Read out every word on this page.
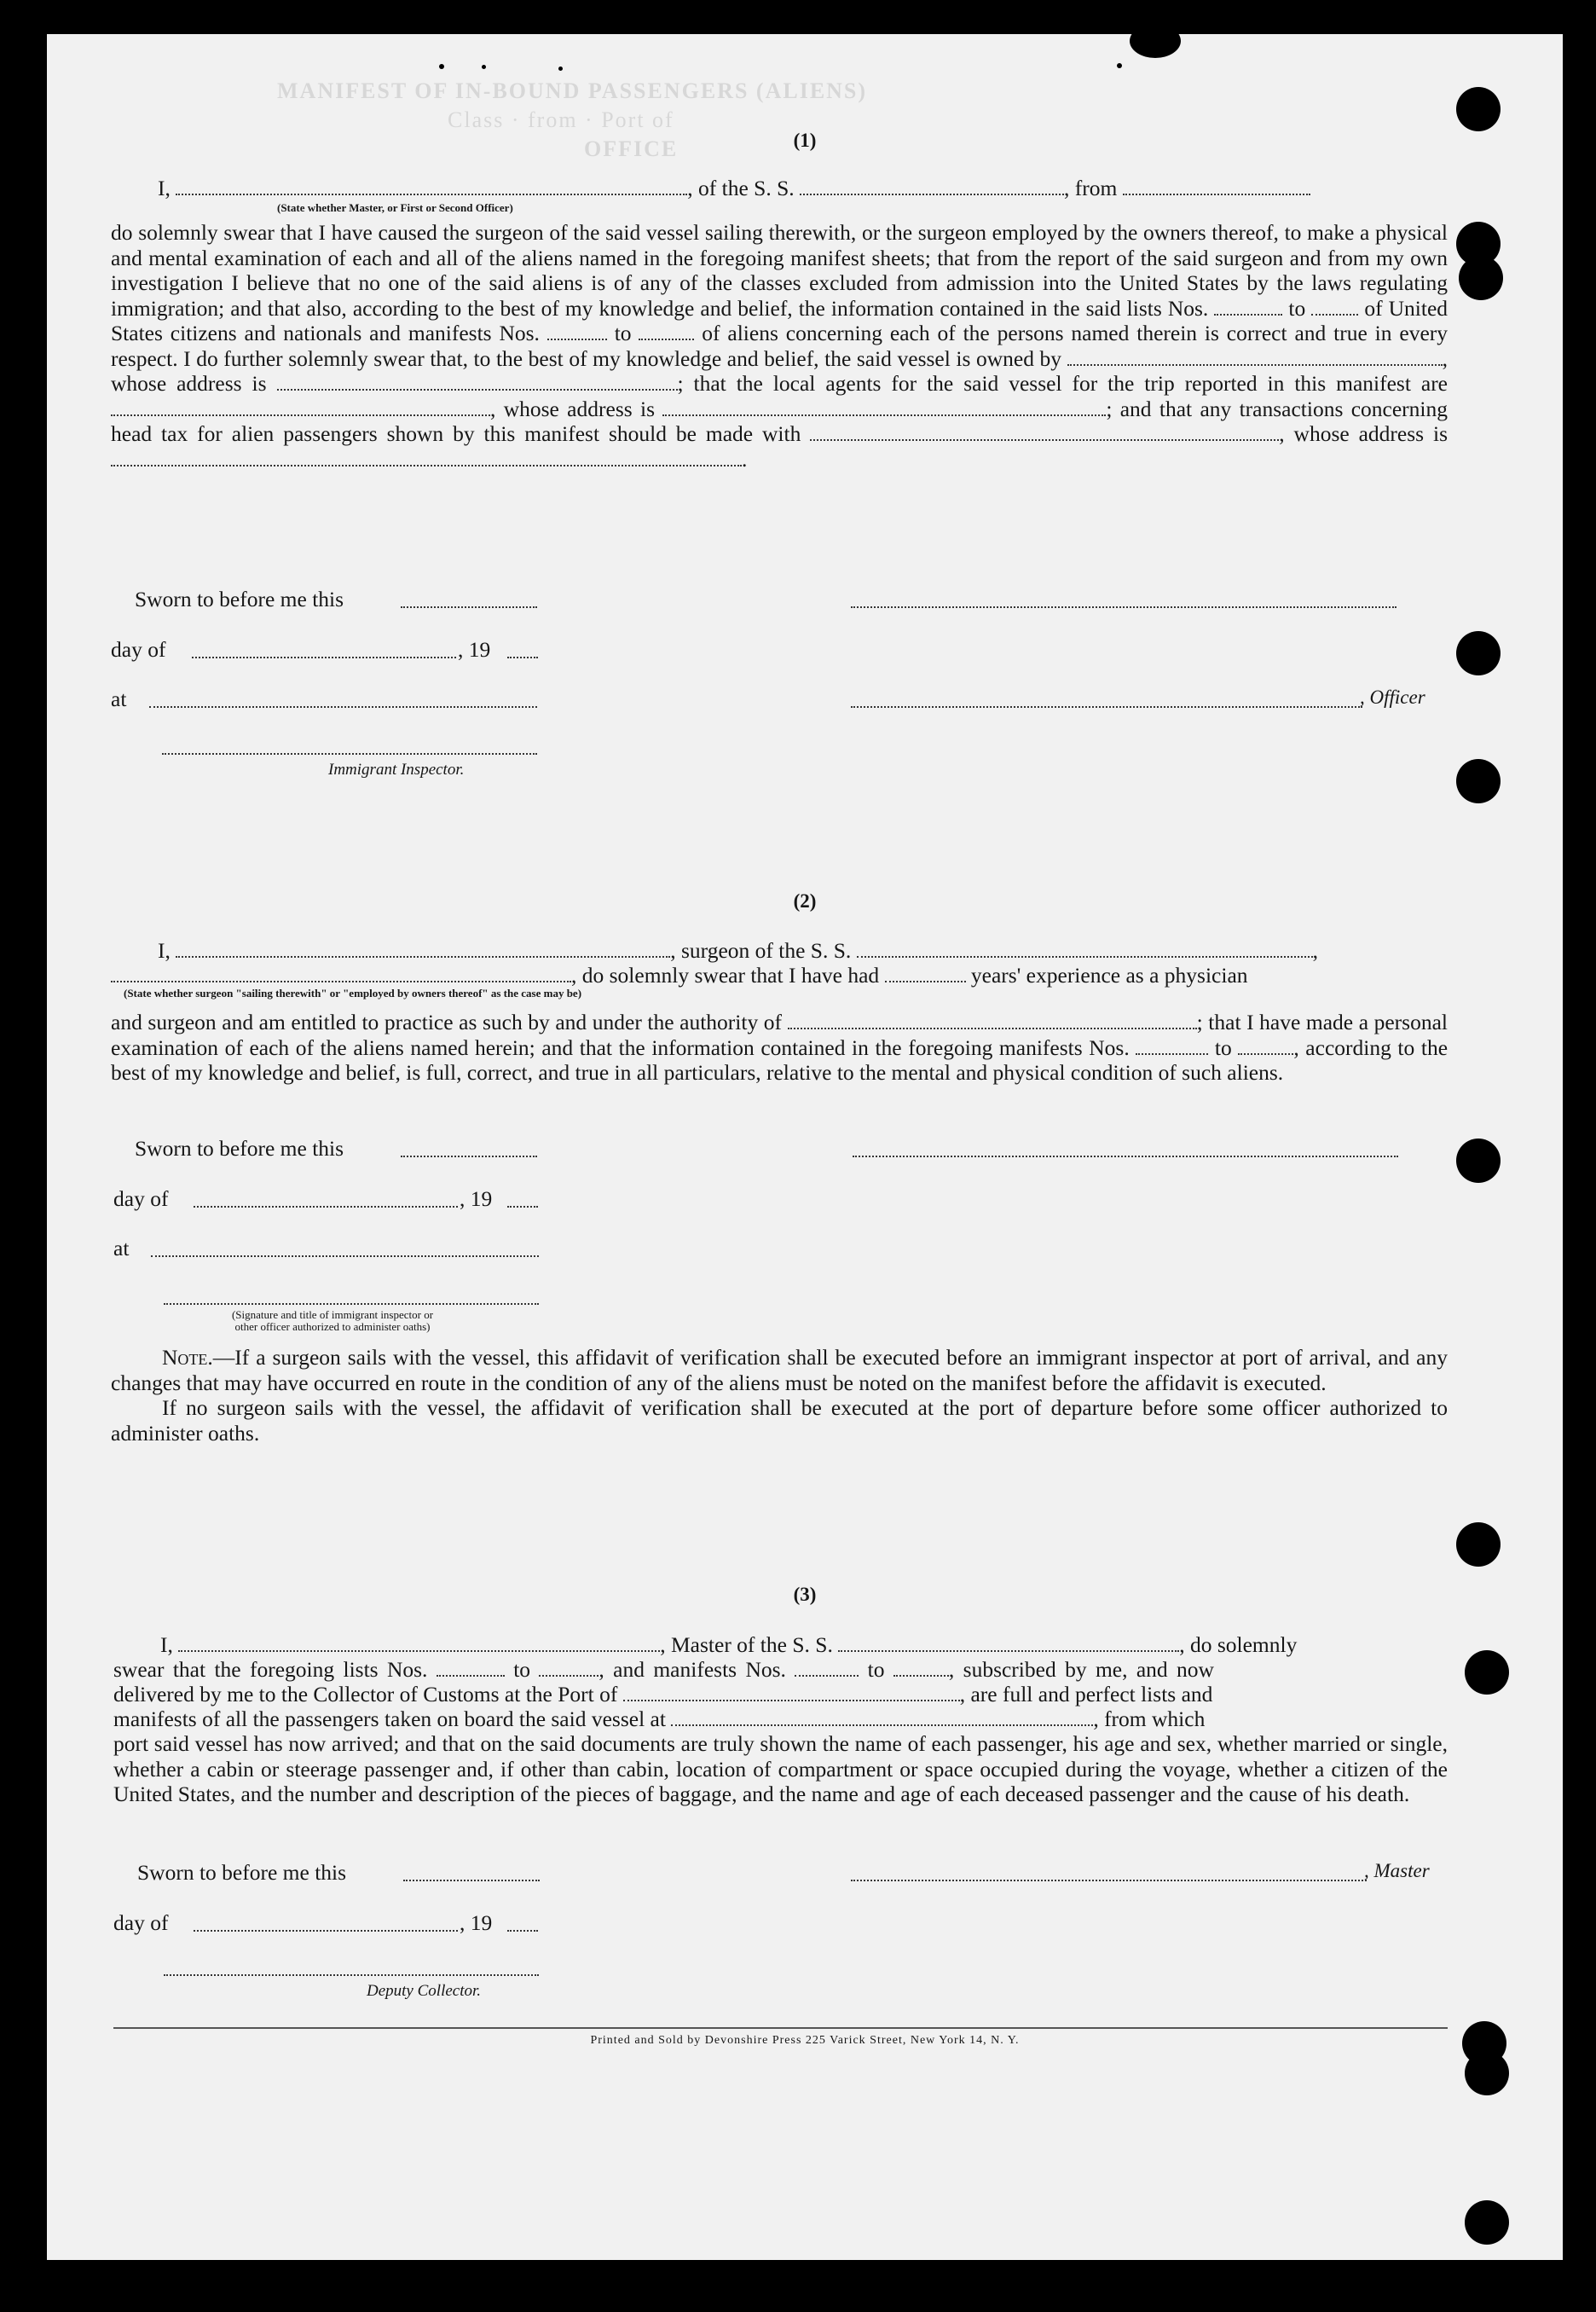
MANIFEST OF IN-BOUND PASSENGERS (ALIENS)
Class · from · Port of
OFFICE	(1)
I,	, of the S. S.	, from
(State whether Master, or First or Second Officer)
do solemnly swear that I have caused the surgeon of the said vessel sailing therewith, or the surgeon employed by the owners thereof, to make a physical and mental examination of each and all of the aliens named in the foregoing manifest sheets; that from the report of the said surgeon and from my own investigation I believe that no one of the said aliens is of any of the classes excluded from admission into the United States by the laws regulating immigration; and that also, according to the best of my knowledge and belief, the information contained in the said lists Nos.	to	of United States citizens and nationals and manifests Nos.	to	of aliens concerning each of the persons named therein is correct and true in every respect. I do further solemnly swear that, to the best of my knowledge and belief, the said vessel is owned by	, whose address is	; that the local agents for the said vessel for the trip reported in this manifest are , whose address is	; and that any transactions concerning head tax for alien passengers shown by this manifest should be made with	, whose address is .
Sworn to before me this
day of	, 19
at	, Officer
Immigrant Inspector.
(2)
I,	, surgeon of the S. S.	,
, do solemnly swear that I have had	years' experience as a physician
(State whether surgeon "sailing therewith" or "employed by owners thereof" as the case may be)
and surgeon and am entitled to practice as such by and under the authority of	; that I have made a personal examination of each of the aliens named herein; and that the information contained in the foregoing manifests Nos.	to	, according to the best of my knowledge and belief, is full, correct, and true in all particulars, relative to the mental and physical condition of such aliens.
Sworn to before me this
day of	, 19
at
(Signature and title of immigrant inspector or
other officer authorized to administer oaths)
Note.—If a surgeon sails with the vessel, this affidavit of verification shall be executed before an immigrant inspector at port of arrival, and any changes that may have occurred en route in the condition of any of the aliens must be noted on the manifest before the affidavit is executed.
If no surgeon sails with the vessel, the affidavit of verification shall be executed at the port of departure before some officer authorized to administer oaths.
(3)
I,	, Master of the S. S.	, do solemnly
swear that the foregoing lists Nos.	to	, and manifests Nos.	to	, subscribed by me, and now
delivered by me to the Collector of Customs at the Port of	, are full and perfect lists and
manifests of all the passengers taken on board the said vessel at	, from which
port said vessel has now arrived; and that on the said documents are truly shown the name of each passenger, his age and sex, whether married or single, whether a cabin or steerage passenger and, if other than cabin, location of compartment or space occupied during the voyage, whether a citizen of the United States, and the number and description of the pieces of baggage, and the name and age of each deceased passenger and the cause of his death.
Sworn to before me this	, Master
day of	, 19
Deputy Collector.
Printed and Sold by Devonshire Press 225 Varick Street, New York 14, N. Y.
